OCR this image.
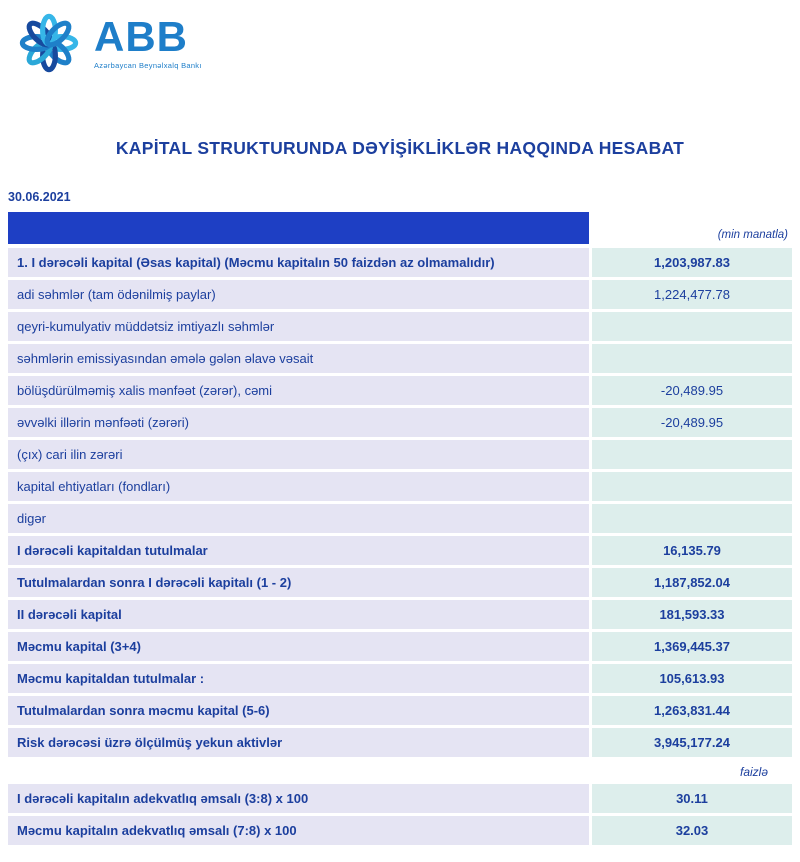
ABB
Azərbaycan Beynəlxalq Bankı
KAPİTAL STRUKTURUNDA DƏYİŞİKLİKLƏR HAQQINDA HESABAT
30.06.2021
(min manatla)
1. I dərəcəli kapital (Əsas kapital) (Məcmu kapitalın 50 faizdən az olmamalıdır)	1,203,987.83
adi səhmlər (tam ödənilmiş paylar)	1,224,477.78
qeyri-kumulyativ müddətsiz imtiyazlı səhmlər
səhmlərin emissiyasından əmələ gələn əlavə vəsait
bölüşdürülməmiş xalis mənfəət (zərər), cəmi	-20,489.95
əvvəlki illərin mənfəəti (zərəri)	-20,489.95
(çıx) cari ilin zərəri
kapital ehtiyatları (fondları)
digər
I dərəcəli kapitaldan tutulmalar	16,135.79
Tutulmalardan sonra I dərəcəli kapitalı (1 - 2)	1,187,852.04
II dərəcəli kapital	181,593.33
Məcmu kapital (3+4)	1,369,445.37
Məcmu kapitaldan tutulmalar :	105,613.93
Tutulmalardan sonra məcmu kapital (5-6)	1,263,831.44
Risk dərəcəsi üzrə ölçülmüş yekun aktivlər	3,945,177.24
faizlə
I dərəcəli kapitalın adekvatlıq əmsalı (3:8) x 100	30.11
Məcmu kapitalın adekvatlıq əmsalı (7:8) x 100	32.03
